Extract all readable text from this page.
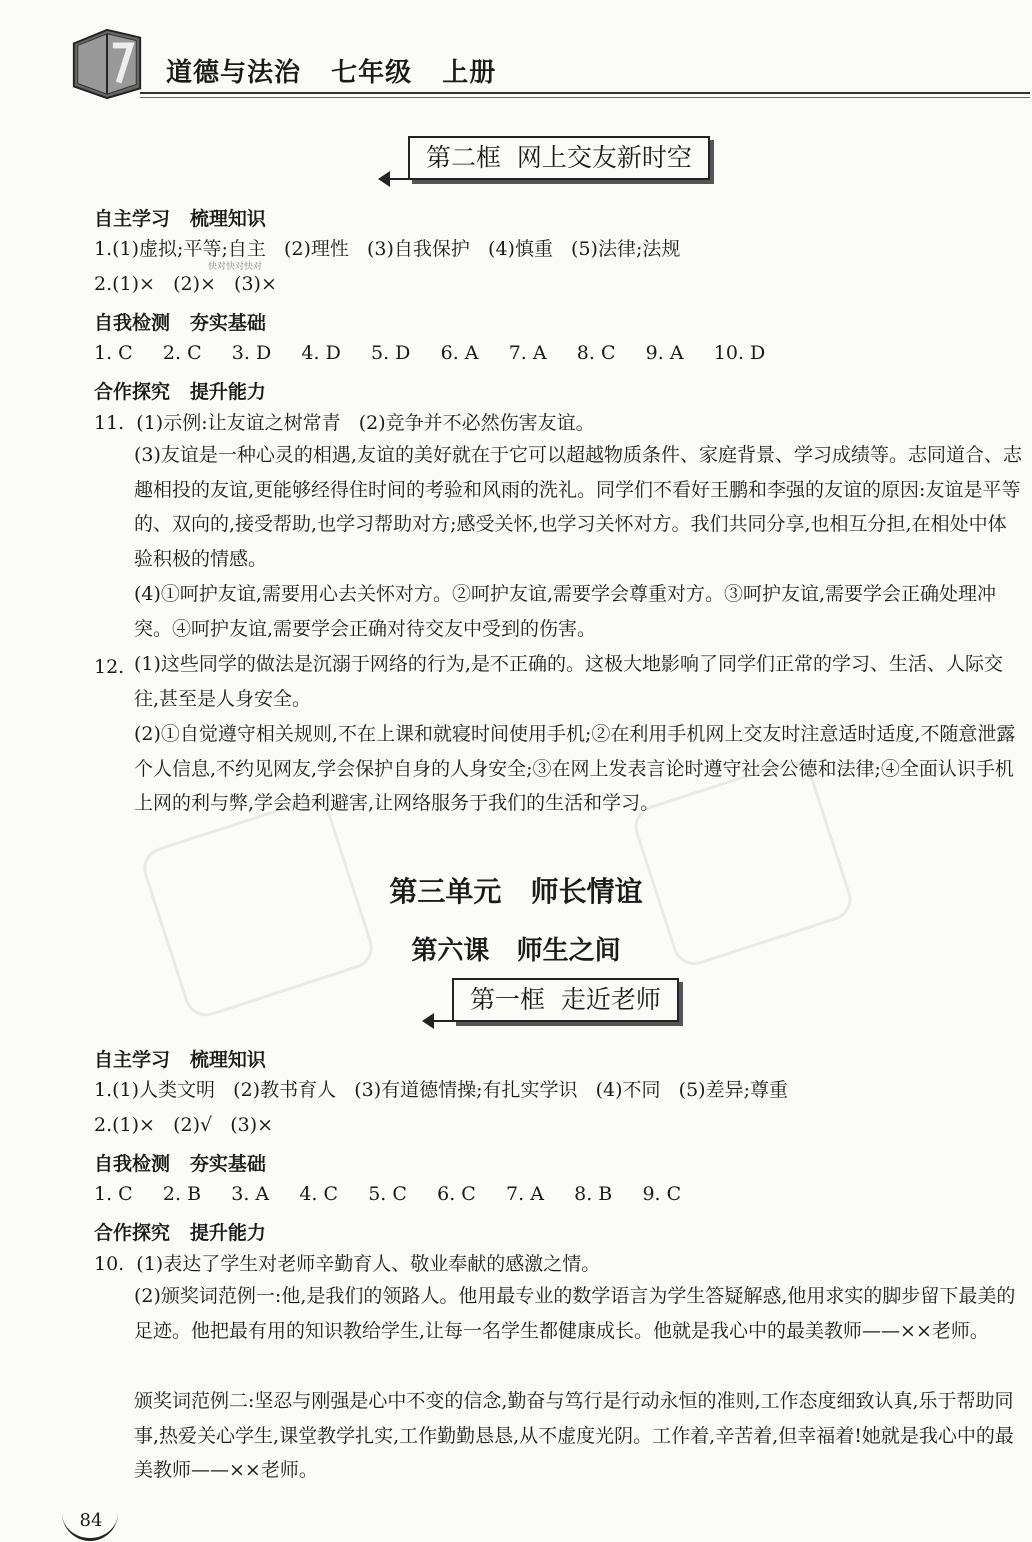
道德与法治   七年级   上册
第二框  网上交友新时空
自主学习   梳理知识
1.(1)虚拟;平等;自主   (2)理性   (3)自我保护   (4)慎重   (5)法律;法规
2.(1)×   (2)×   (3)×
快对快对快对
自我检测   夯实基础
1. C     2. C     3. D     4. D     5. D     6. A     7. A     8. C     9. A     10. D
合作探究   提升能力
11.  (1)示例:让友谊之树常青   (2)竞争并不必然伤害友谊。
(3)友谊是一种心灵的相遇,友谊的美好就在于它可以超越物质条件、家庭背景、学习成绩等。志同道合、志趣相投的友谊,更能够经得住时间的考验和风雨的洗礼。同学们不看好王鹏和李强的友谊的原因:友谊是平等的、双向的,接受帮助,也学习帮助对方;感受关怀,也学习关怀对方。我们共同分享,也相互分担,在相处中体验积极的情感。
(4)①呵护友谊,需要用心去关怀对方。②呵护友谊,需要学会尊重对方。③呵护友谊,需要学会正确处理冲突。④呵护友谊,需要学会正确对待交友中受到的伤害。
12. (1)这些同学的做法是沉溺于网络的行为,是不正确的。这极大地影响了同学们正常的学习、生活、人际交往,甚至是人身安全。
(2)①自觉遵守相关规则,不在上课和就寝时间使用手机;②在利用手机网上交友时注意适时适度,不随意泄露个人信息,不约见网友,学会保护自身的人身安全;③在网上发表言论时遵守社会公德和法律;④全面认识手机上网的利与弊,学会趋利避害,让网络服务于我们的生活和学习。
第三单元   师长情谊
第六课   师生之间
第一框  走近老师
自主学习   梳理知识
1.(1)人类文明   (2)教书育人   (3)有道德情操;有扎实学识   (4)不同   (5)差异;尊重
2.(1)×   (2)√   (3)×
自我检测   夯实基础
1. C     2. B     3. A     4. C     5. C     6. C     7. A     8. B     9. C
合作探究   提升能力
10.  (1)表达了学生对老师辛勤育人、敬业奉献的感激之情。
(2)颁奖词范例一:他,是我们的领路人。他用最专业的数学语言为学生答疑解惑,他用求实的脚步留下最美的足迹。他把最有用的知识教给学生,让每一名学生都健康成长。他就是我心中的最美教师——××老师。
颁奖词范例二:坚忍与刚强是心中不变的信念,勤奋与笃行是行动永恒的准则,工作态度细致认真,乐于帮助同事,热爱关心学生,课堂教学扎实,工作勤勤恳恳,从不虚度光阴。工作着,辛苦着,但幸福着!她就是我心中的最美教师——××老师。
84
